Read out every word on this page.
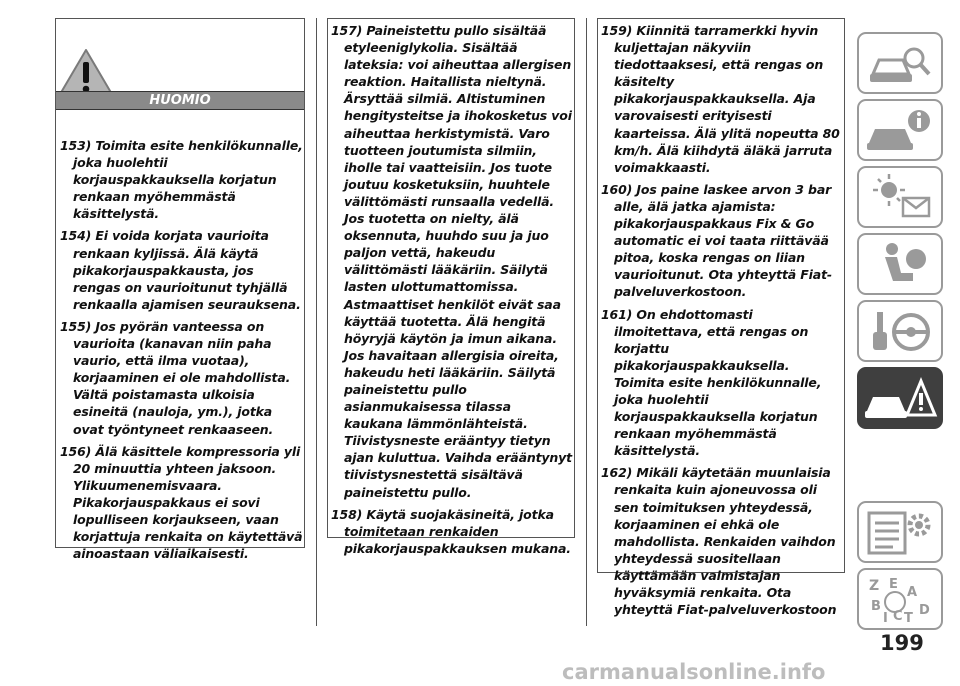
HUOMIO

153) Toimita esite henkilökunnalle, joka huolehtii korjauspakkauksella korjatun renkaan myöhemmästä käsittelystä.

154) Ei voida korjata vaurioita renkaan kyljissä. Älä käytä pikakorjauspakkausta, jos rengas on vaurioitunut tyhjällä renkaalla ajamisen seurauksena.

155) Jos pyörän vanteessa on vaurioita (kanavan niin paha vaurio, että ilma vuotaa), korjaaminen ei ole mahdollista. Vältä poistamasta ulkoisia esineitä (nauloja, ym.), jotka ovat työntyneet renkaaseen.

156) Älä käsittele kompressoria yli 20 minuuttia yhteen jaksoon. Ylikuumenemisvaara. Pikakorjauspakkaus ei sovi lopulliseen korjaukseen, vaan korjattuja renkaita on käytettävä ainoastaan väliaikaisesti.

157) Paineistettu pullo sisältää etyleeniglykolia. Sisältää lateksia: voi aiheuttaa allergisen reaktion. Haitallista nieltynä. Ärsyttää silmiä. Altistuminen hengitysteitse ja ihokosketus voi aiheuttaa herkistymistä. Varo tuotteen joutumista silmiin, iholle tai vaatteisiin. Jos tuote joutuu kosketuksiin, huuhtele välittömästi runsaalla vedellä. Jos tuotetta on nielty, älä oksennuta, huuhdo suu ja juo paljon vettä, hakeudu välittömästi lääkäriin. Säilytä lasten ulottumattomissa. Astmaattiset henkilöt eivät saa käyttää tuotetta. Älä hengitä höyryjä käytön ja imun aikana. Jos havaitaan allergisia oireita, hakeudu heti lääkäriin. Säilytä paineistettu pullo asianmukaisessa tilassa kaukana lämmönlähteistä. Tiivistysneste erääntyy tietyn ajan kuluttua. Vaihda erääntynyt tiivistysnestettä sisältävä paineistettu pullo.

158) Käytä suojakäsineitä, jotka toimitetaan renkaiden pikakorjauspakkauksen mukana.

159) Kiinnitä tarramerkki hyvin kuljettajan näkyviin tiedottaaksesi, että rengas on käsitelty pikakorjauspakkauksella. Aja varovaisesti erityisesti kaarteissa. Älä ylitä nopeutta 80 km/h. Älä kiihdytä äläkä jarruta voimakkaasti.

160) Jos paine laskee arvon 3 bar alle, älä jatka ajamista: pikakorjauspakkaus Fix & Go automatic ei voi taata riittävää pitoa, koska rengas on liian vaurioitunut. Ota yhteyttä Fiat-palveluverkostoon.

161) On ehdottomasti ilmoitettava, että rengas on korjattu pikakorjauspakkauksella. Toimita esite henkilökunnalle, joka huolehtii korjauspakkauksella korjatun renkaan myöhemmästä käsittelystä.

162) Mikäli käytetään muunlaisia renkaita kuin ajoneuvossa oli sen toimituksen yhteydessä, korjaaminen ei ehkä ole mahdollista. Renkaiden vaihdon yhteydessä suositellaan käyttämään valmistajan hyväksymiä renkaita. Ota yhteyttä Fiat-palveluverkostoon

Z E
A
B
I C T
D
199
carmanualsonline.info
